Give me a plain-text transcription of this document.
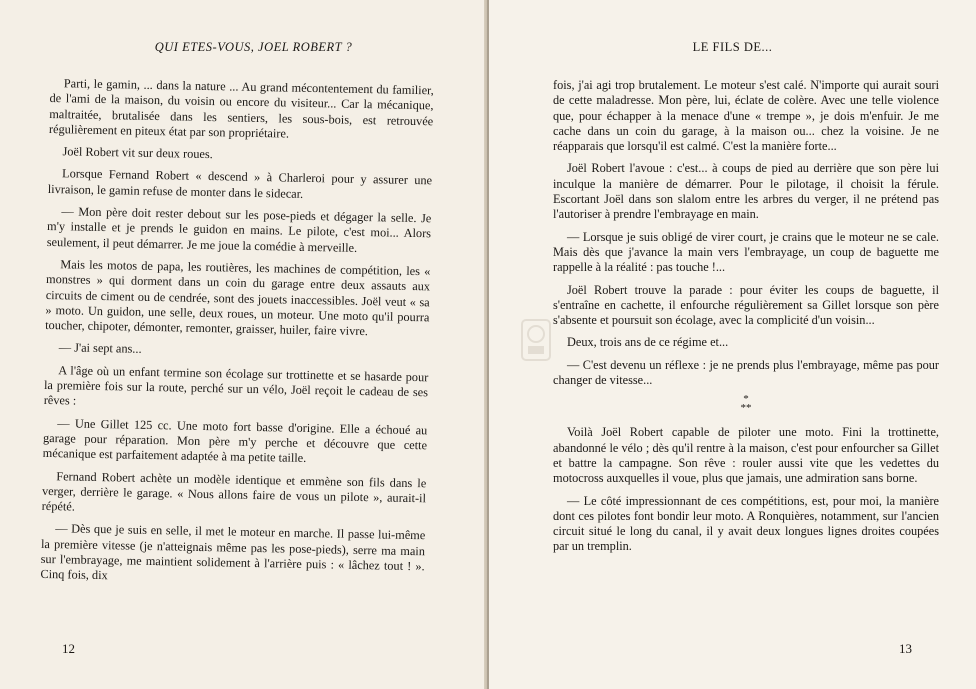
QUI ETES-VOUS, JOEL ROBERT ?

Parti, le gamin, ... dans la nature ... Au grand mécontentement du familier, de l'ami de la maison, du voisin ou encore du visiteur... Car la mécanique, maltraitée, brutalisée dans les sentiers, les sous-bois, est retrouvée régulièrement en piteux état par son propriétaire.

Joël Robert vit sur deux roues.

Lorsque Fernand Robert « descend » à Charleroi pour y assurer une livraison, le gamin refuse de monter dans le sidecar.

— Mon père doit rester debout sur les pose-pieds et dégager la selle. Je m'y installe et je prends le guidon en mains. Le pilote, c'est moi... Alors seulement, il peut démarrer. Je me joue la comédie à merveille.

Mais les motos de papa, les routières, les machines de compétition, les « monstres » qui dorment dans un coin du garage entre deux assauts aux circuits de ciment ou de cendrée, sont des jouets inaccessibles. Joël veut « sa » moto. Un guidon, une selle, deux roues, un moteur. Une moto qu'il pourra toucher, chipoter, démonter, remonter, graisser, huiler, faire vivre.

— J'ai sept ans...

A l'âge où un enfant termine son écolage sur trottinette et se hasarde pour la première fois sur la route, perché sur un vélo, Joël reçoit le cadeau de ses rêves :

— Une Gillet 125 cc. Une moto fort basse d'origine. Elle a échoué au garage pour réparation. Mon père m'y perche et découvre que cette mécanique est parfaitement adaptée à ma petite taille.

Fernand Robert achète un modèle identique et emmène son fils dans le verger, derrière le garage. « Nous allons faire de vous un pilote », aurait-il répété.

— Dès que je suis en selle, il met le moteur en marche. Il passe lui-même la première vitesse (je n'atteignais même pas les pose-pieds), serre ma main sur l'embrayage, me maintient solidement à l'arrière puis : « lâchez tout ! ». Cinq fois, dix

12
LE FILS DE...

fois, j'ai agi trop brutalement. Le moteur s'est calé. N'importe qui aurait souri de cette maladresse. Mon père, lui, éclate de colère. Avec une telle violence que, pour échapper à la menace d'une « trempe », je dois m'enfuir. Je me cache dans un coin du garage, à la maison ou... chez la voisine. Je ne réapparais que lorsqu'il est calmé. C'est la manière forte...

Joël Robert l'avoue : c'est... à coups de pied au derrière que son père lui inculque la manière de démarrer. Pour le pilotage, il choisit la férule. Escortant Joël dans son slalom entre les arbres du verger, il ne prétend pas l'autoriser à prendre l'embrayage en main.

— Lorsque je suis obligé de virer court, je crains que le moteur ne se cale. Mais dès que j'avance la main vers l'embrayage, un coup de baguette me rappelle à la réalité : pas touche !...

Joël Robert trouve la parade : pour éviter les coups de baguette, il s'entraîne en cachette, il enfourche régulièrement sa Gillet lorsque son père s'absente et poursuit son écolage, avec la complicité d'un voisin...

Deux, trois ans de ce régime et...

— C'est devenu un réflexe : je ne prends plus l'embrayage, même pas pour changer de vitesse...

*
**

Voilà Joël Robert capable de piloter une moto. Fini la trottinette, abandonné le vélo ; dès qu'il rentre à la maison, c'est pour enfourcher sa Gillet et battre la campagne. Son rêve : rouler aussi vite que les vedettes du motocross auxquelles il voue, plus que jamais, une admiration sans borne.

— Le côté impressionnant de ces compétitions, est, pour moi, la manière dont ces pilotes font bondir leur moto. A Ronquières, notamment, sur l'ancien circuit situé le long du canal, il y avait deux longues lignes droites coupées par un tremplin.

13
